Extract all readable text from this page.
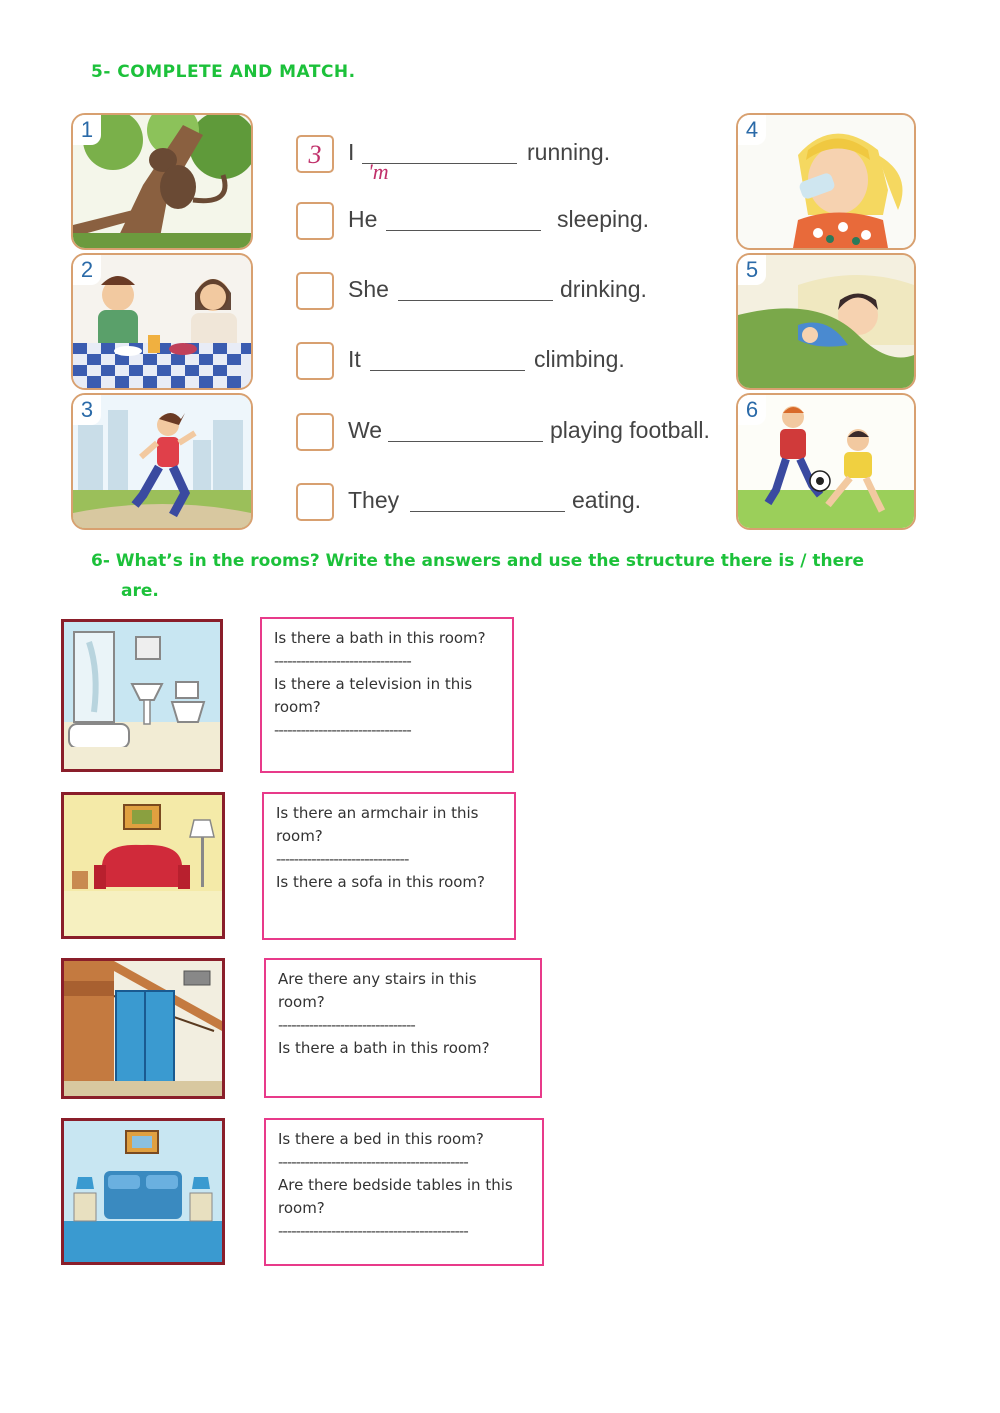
5- COMPLETE AND MATCH.
1
2
3
4
5
6
3	I
'm
running.
He	sleeping.
She	drinking.
It	climbing.
We	playing football.
They	eating.
6- What’s in the rooms? Write the answers and use the structure there is / there
are.
Is there a bath in this room?
-------------------------------
Is there a television in this room?
-------------------------------
Is there an armchair in this room?
------------------------------
Is there a sofa in this room?
Are there any stairs in this room?
-------------------------------
Is there a bath in this room?
Is there a bed in this room?
-------------------------------------------
Are there bedside tables in this room?
-------------------------------------------
